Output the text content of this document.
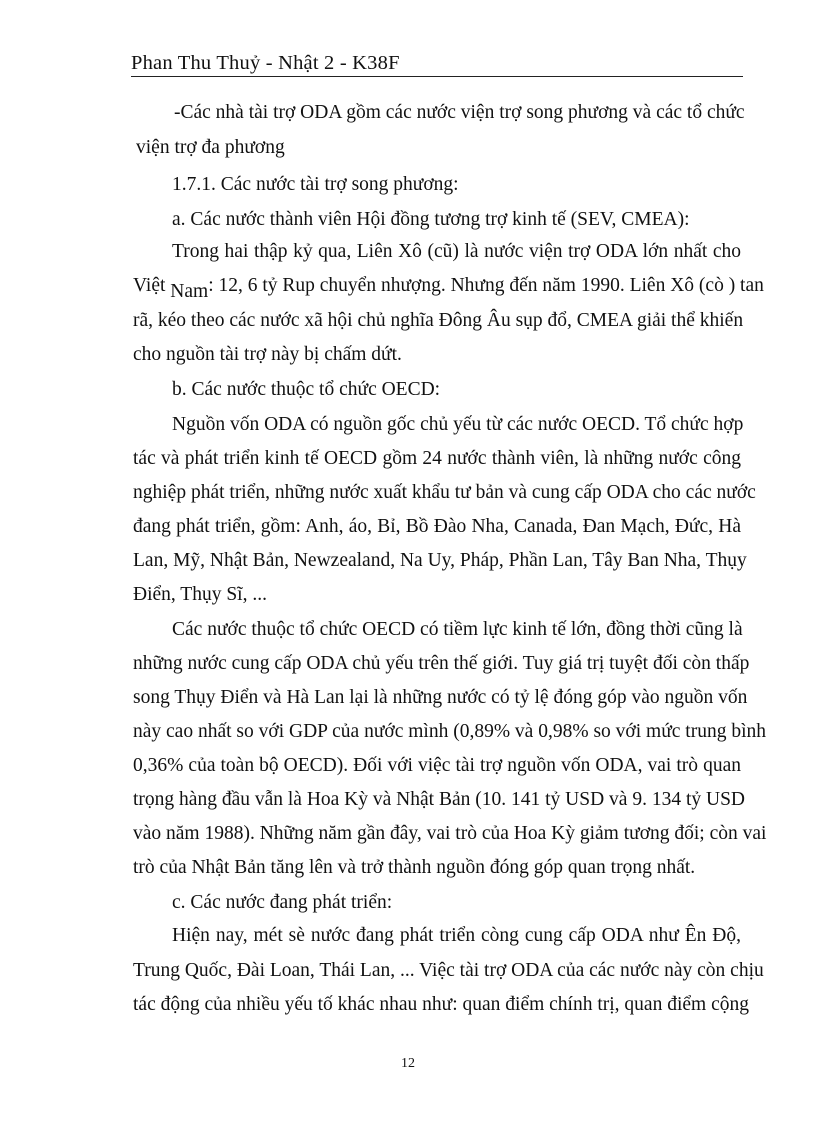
Phan Thu Thuỷ - Nhật 2 - K38F
-Các nhà tài trợ ODA gồm các nước viện trợ song phương và các tổ chức
viện trợ đa phương
1.7.1. Các nước tài trợ song phương:
a. Các nước thành viên Hội đồng tương trợ kinh tế (SEV, CMEA):
Trong hai thập kỷ qua, Liên Xô (cũ) là nước viện trợ ODA lớn nhất cho
Việt Nam: 12, 6 tỷ Rup chuyển nhượng. Nhưng đến năm 1990. Liên Xô (cò ) tan
rã, kéo theo các nước xã hội chủ nghĩa Đông Âu sụp đổ, CMEA giải thể khiến
cho nguồn tài trợ này bị chấm dứt.
b. Các nước thuộc tổ chức OECD:
Nguồn vốn ODA có nguồn gốc chủ yếu từ các nước OECD. Tổ chức hợp
tác và phát triển kinh tế OECD gồm 24 nước thành viên, là những nước công
nghiệp phát triển, những nước xuất khẩu tư bản và cung cấp ODA cho các nước
đang phát triển, gồm: Anh, áo, Bỉ, Bồ Đào Nha, Canada, Đan Mạch, Đức, Hà
Lan, Mỹ, Nhật Bản, Newzealand, Na Uy, Pháp, Phần Lan, Tây Ban Nha, Thụy
Điển, Thụy Sĩ, ...
Các nước thuộc tổ chức OECD có tiềm lực kinh tế lớn, đồng thời cũng là
những nước cung cấp ODA chủ yếu trên thế giới. Tuy giá trị tuyệt đối còn thấp
song Thụy Điển và Hà Lan lại là những nước có tỷ lệ đóng góp vào nguồn vốn
này cao nhất so với GDP của nước mình (0,89% và 0,98% so với mức trung bình
0,36% của toàn bộ OECD). Đối với việc tài trợ nguồn vốn ODA, vai trò quan
trọng hàng đầu vẫn là Hoa Kỳ và Nhật Bản (10. 141 tỷ USD và 9. 134 tỷ USD
vào năm 1988). Những năm gần đây, vai trò của Hoa Kỳ giảm tương đối; còn vai
trò của Nhật Bản tăng lên và trở thành nguồn đóng góp quan trọng nhất.
c. Các nước đang phát triển:
Hiện nay, mét sè nước đang phát triển còng cung cấp ODA như Ên Độ,
Trung Quốc, Đài Loan, Thái Lan, ... Việc tài trợ ODA của các nước này còn chịu
tác động của nhiều yếu tố khác nhau như: quan điểm chính trị, quan điểm cộng
12
